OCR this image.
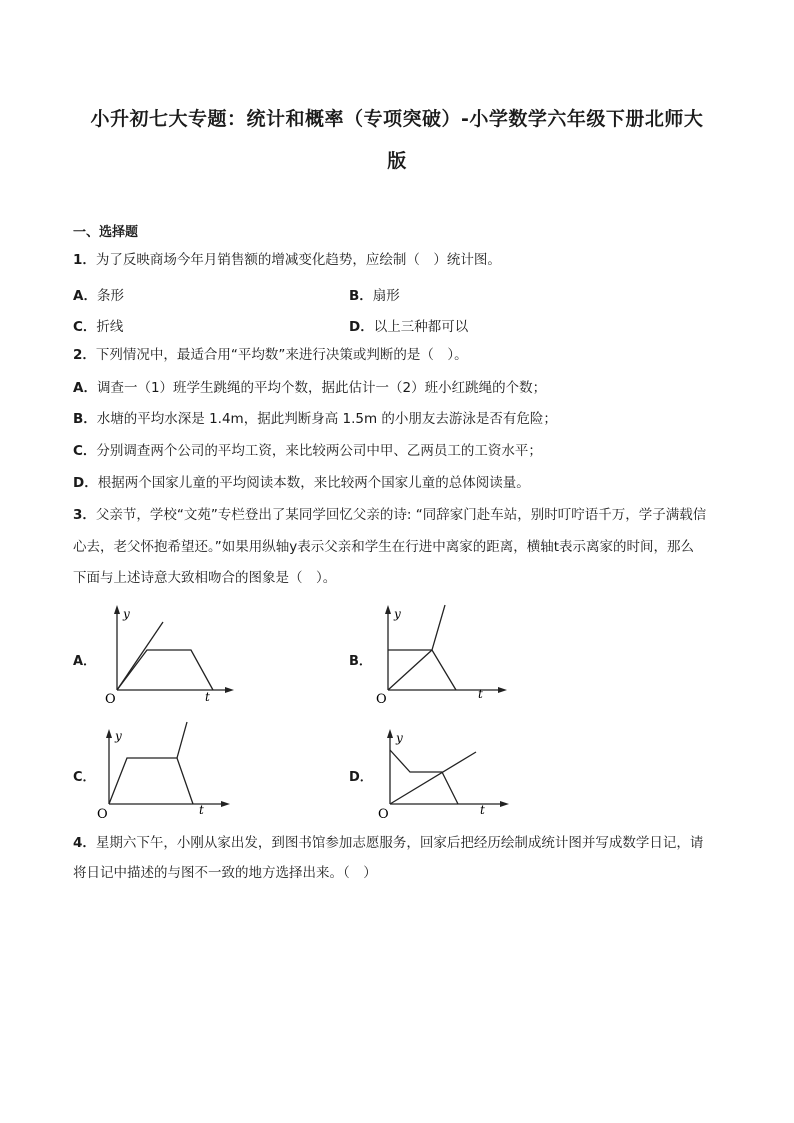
小升初七大专题：统计和概率（专项突破）-小学数学六年级下册北师大
版
一、选择题
1．为了反映商场今年月销售额的增减变化趋势，应绘制（　）统计图。
A．条形	B．扇形
C．折线	D．以上三种都可以
2．下列情况中，最适合用“平均数”来进行决策或判断的是（　）。
A．调查一（1）班学生跳绳的平均个数，据此估计一（2）班小红跳绳的个数；
B．水塘的平均水深是 1.4m，据此判断身高 1.5m 的小朋友去游泳是否有危险；
C．分别调查两个公司的平均工资，来比较两公司中甲、乙两员工的工资水平；
D．根据两个国家儿童的平均阅读本数，来比较两个国家儿童的总体阅读量。
3．父亲节，学校“文苑”专栏登出了某同学回忆父亲的诗: “同辞家门赴车站，别时叮咛语千万，学子满载信
心去，老父怀抱希望还。”如果用纵轴y表示父亲和学生在行进中离家的距离，横轴t表示离家的时间，那么
下面与上述诗意大致相吻合的图象是（　）。
A．
y
t
O
B．
y
t
O
C．
y
t
O
D．
y
t
O
4．星期六下午，小刚从家出发，到图书馆参加志愿服务，回家后把经历绘制成统计图并写成数学日记，请
将日记中描述的与图不一致的地方选择出来。（　）
